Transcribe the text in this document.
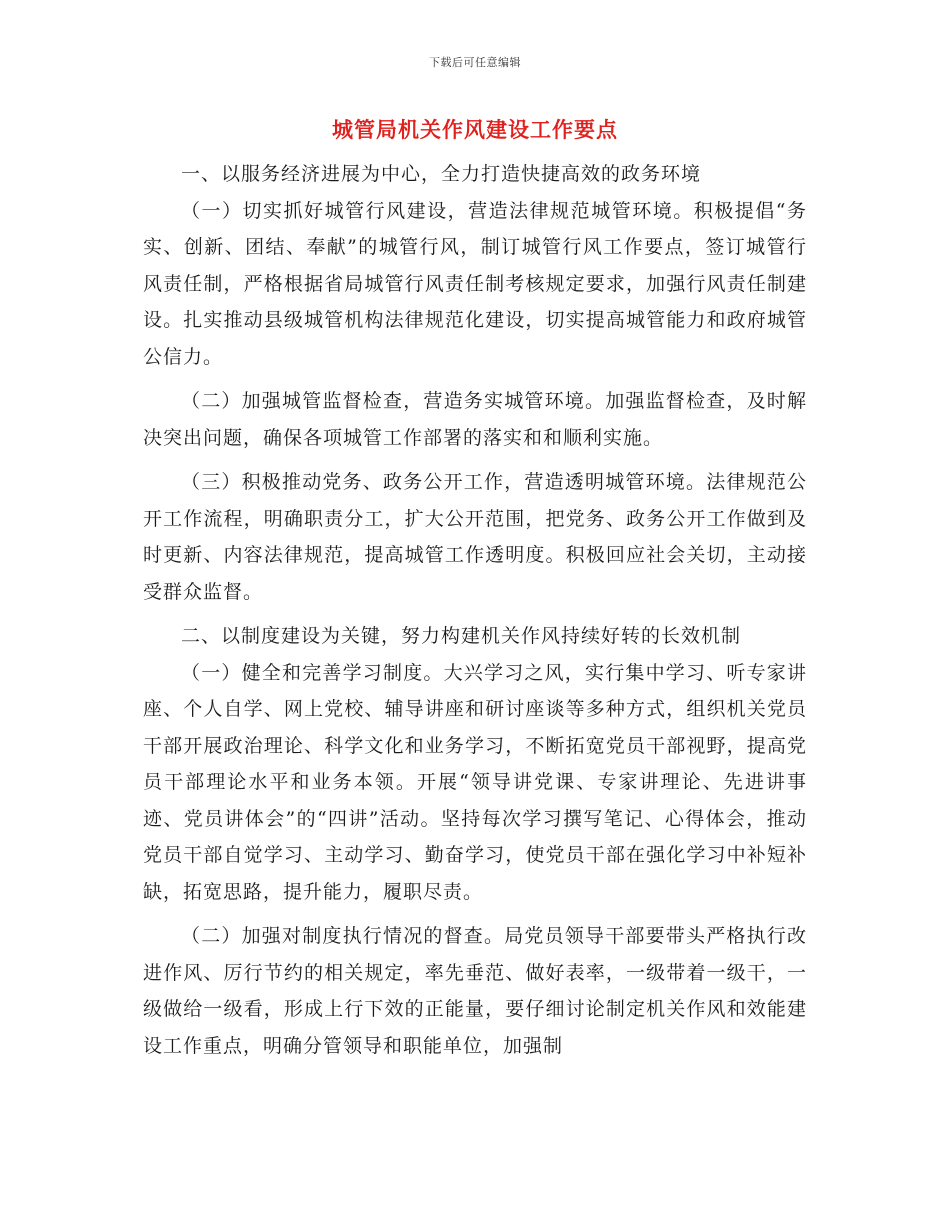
下载后可任意编辑
城管局机关作风建设工作要点

一、以服务经济进展为中心，全力打造快捷高效的政务环境

（一）切实抓好城管行风建设，营造法律规范城管环境。积极提倡“务实、创新、团结、奉献”的城管行风，制订城管行风工作要点，签订城管行风责任制，严格根据省局城管行风责任制考核规定要求，加强行风责任制建设。扎实推动县级城管机构法律规范化建设，切实提高城管能力和政府城管公信力。

（二）加强城管监督检查，营造务实城管环境。加强监督检查，及时解决突出问题，确保各项城管工作部署的落实和和顺利实施。

（三）积极推动党务、政务公开工作，营造透明城管环境。法律规范公开工作流程，明确职责分工，扩大公开范围，把党务、政务公开工作做到及时更新、内容法律规范，提高城管工作透明度。积极回应社会关切，主动接受群众监督。

二、以制度建设为关键，努力构建机关作风持续好转的长效机制

（一）健全和完善学习制度。大兴学习之风，实行集中学习、听专家讲座、个人自学、网上党校、辅导讲座和研讨座谈等多种方式，组织机关党员干部开展政治理论、科学文化和业务学习，不断拓宽党员干部视野，提高党员干部理论水平和业务本领。开展“领导讲党课、专家讲理论、先进讲事迹、党员讲体会”的“四讲”活动。坚持每次学习撰写笔记、心得体会，推动党员干部自觉学习、主动学习、勤奋学习，使党员干部在强化学习中补短补缺，拓宽思路，提升能力，履职尽责。

（二）加强对制度执行情况的督查。局党员领导干部要带头严格执行改进作风、厉行节约的相关规定，率先垂范、做好表率，一级带着一级干，一级做给一级看，形成上行下效的正能量，要仔细讨论制定机关作风和效能建设工作重点，明确分管领导和职能单位，加强制
